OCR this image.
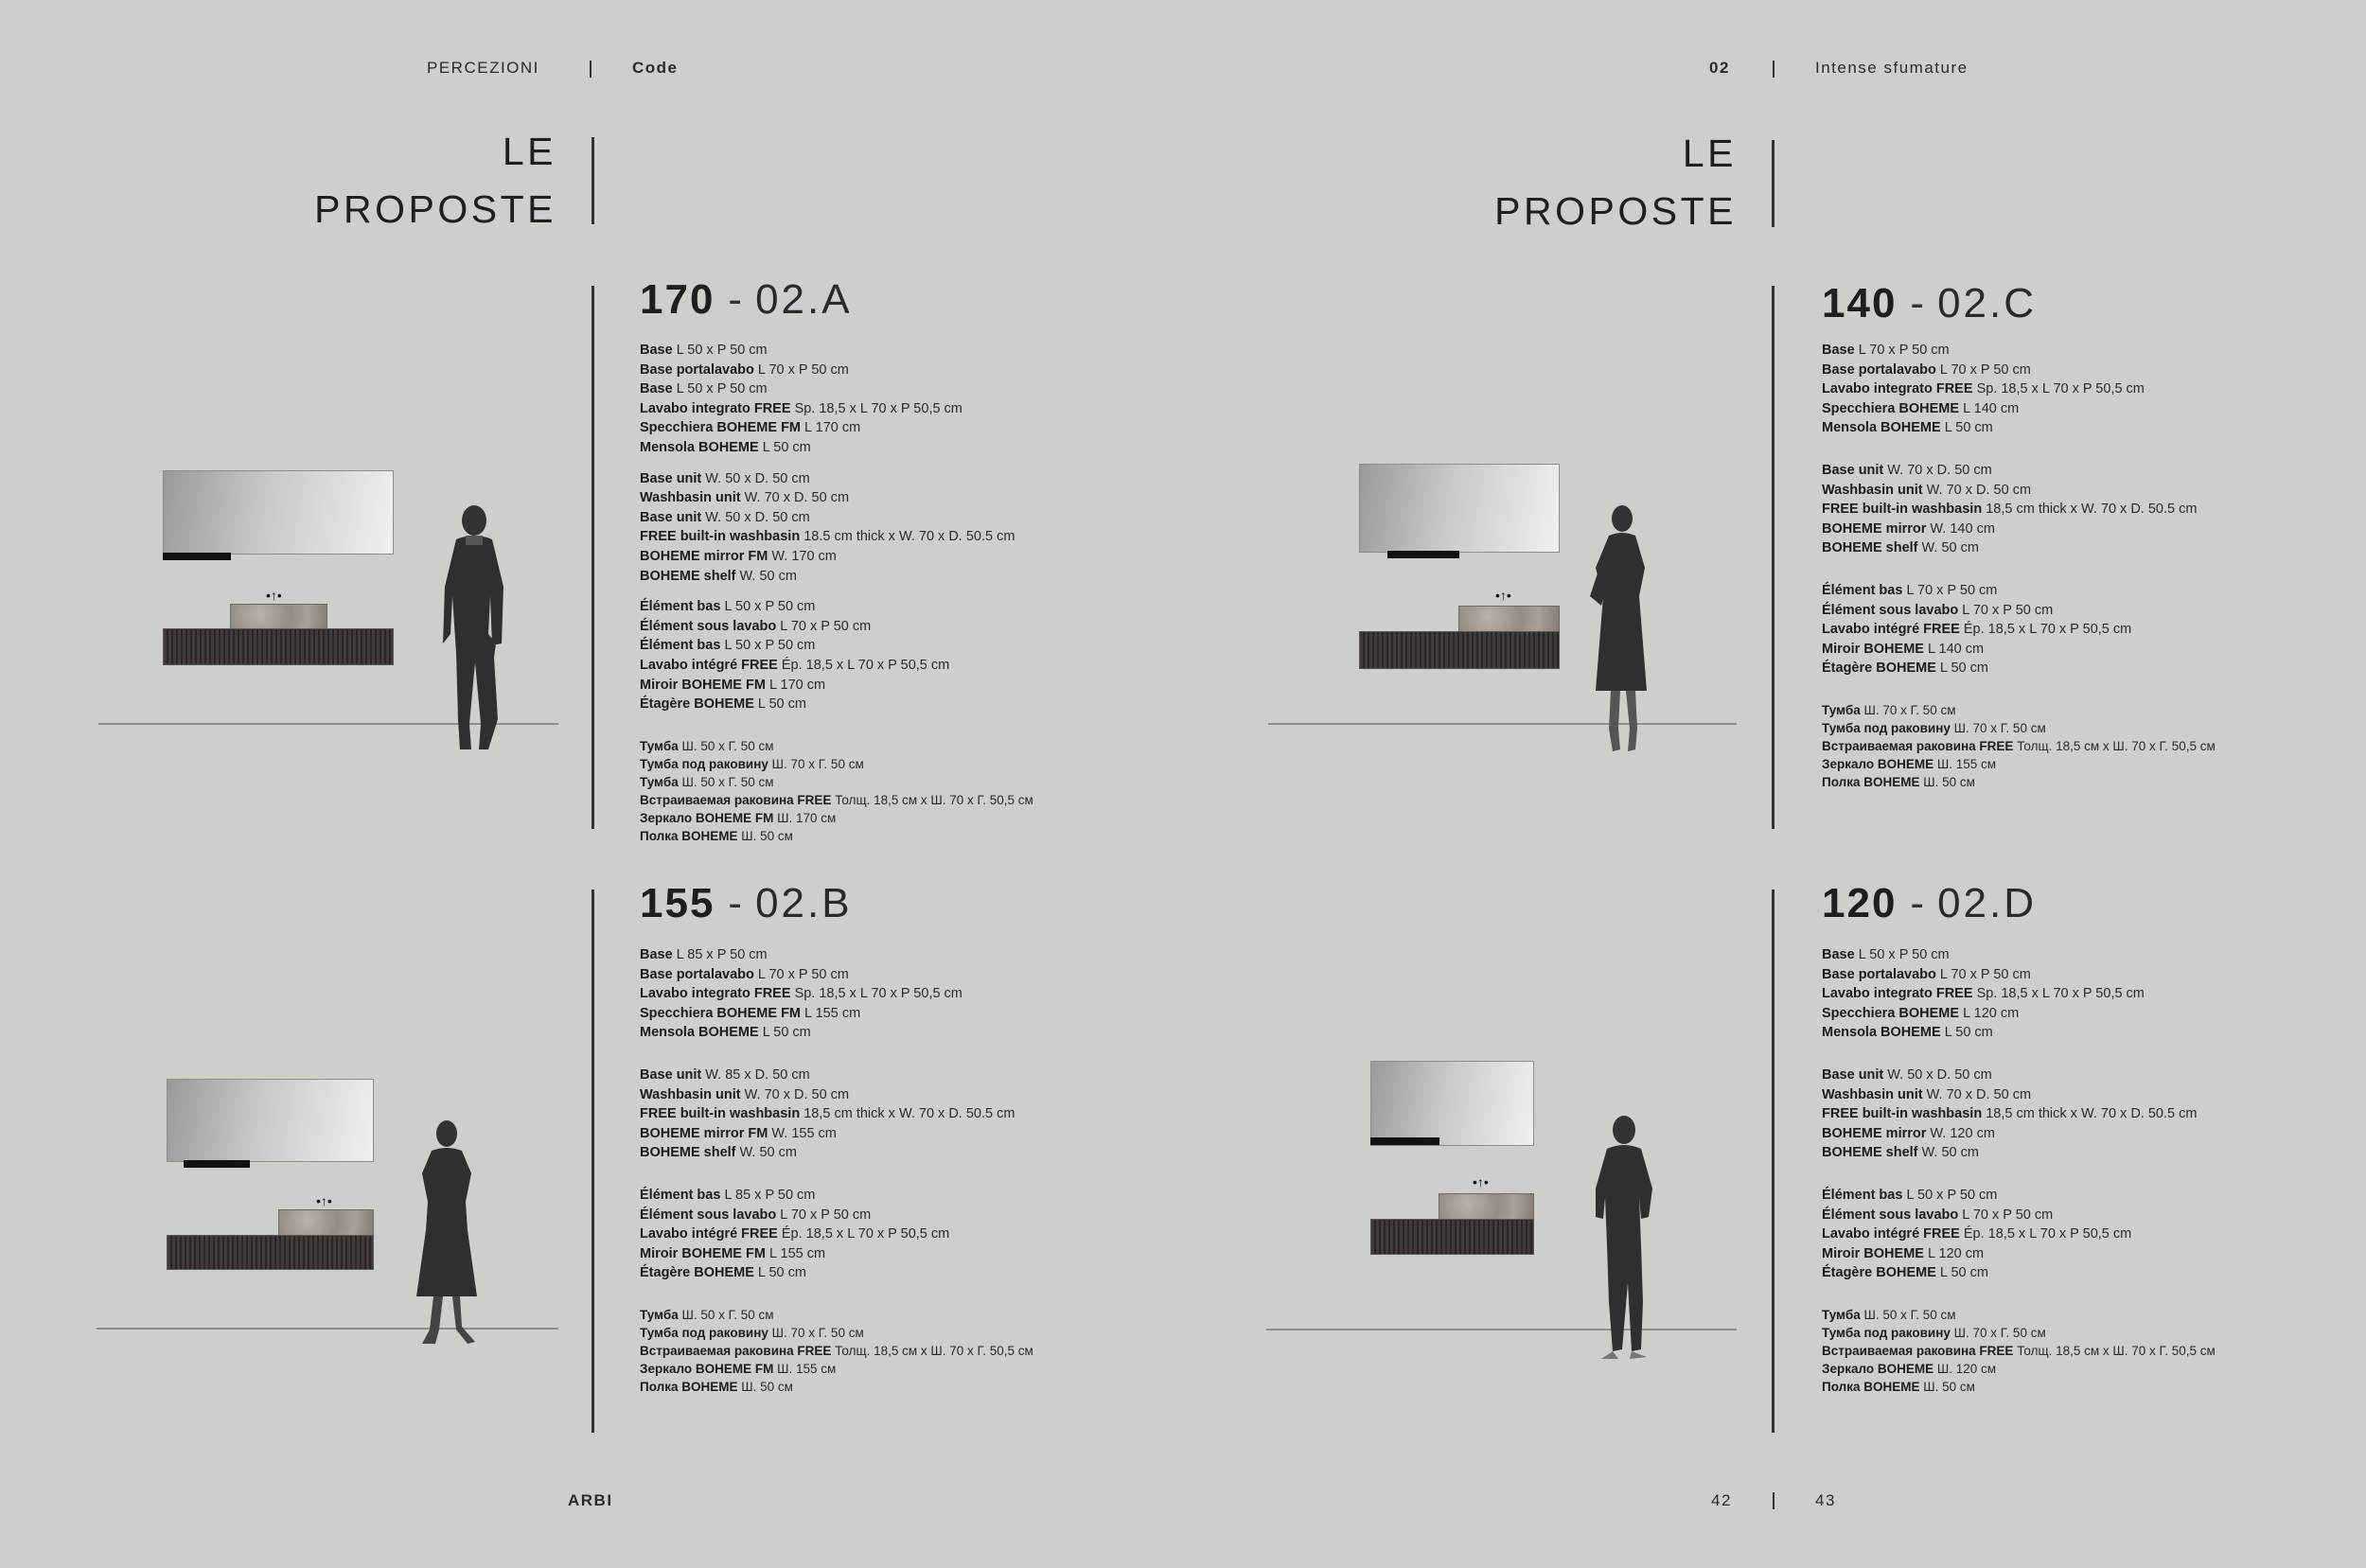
PERCEZIONI	Code	02	Intense sfumature
LE
PROPOSTE
LE
PROPOSTE
•↑•
170 - 02.A
Base L 50 x P 50 cm
Base portalavabo L 70 x P 50 cm
Base L 50 x P 50 cm
Lavabo integrato FREE Sp. 18,5 x L 70 x P 50,5 cm
Specchiera BOHEME FM L 170 cm
Mensola BOHEME L 50 cm
Base unit W. 50 x D. 50 cm
Washbasin unit W. 70 x D. 50 cm
Base unit W. 50 x D. 50 cm
FREE built-in washbasin 18.5 cm thick x W. 70 x D. 50.5 cm
BOHEME mirror FM W. 170 cm
BOHEME shelf W. 50 cm
Élément bas L 50 x P 50 cm
Élément sous lavabo L 70 x P 50 cm
Élément bas L 50 x P 50 cm
Lavabo intégré FREE Ép. 18,5 x L 70 x P 50,5 cm
Miroir BOHEME FM L 170 cm
Étagère BOHEME L 50 cm
Тумба Ш. 50 x Г. 50 см
Тумба под раковину Ш. 70 x Г. 50 см
Тумба Ш. 50 x Г. 50 см
Встраиваемая раковина FREE Толщ. 18,5 см x Ш. 70 x Г. 50,5 см
Зеркало BOHEME FM Ш. 170 см
Полка BOHEME Ш. 50 см
•↑•
155 - 02.B
Base L 85 x P 50 cm
Base portalavabo L 70 x P 50 cm
Lavabo integrato FREE Sp. 18,5 x L 70 x P 50,5 cm
Specchiera BOHEME FM L 155 cm
Mensola BOHEME L 50 cm
Base unit W. 85 x D. 50 cm
Washbasin unit W. 70 x D. 50 cm
FREE built-in washbasin 18,5 cm thick x W. 70 x D. 50.5 cm
BOHEME mirror FM W. 155 cm
BOHEME shelf W. 50 cm
Élément bas L 85 x P 50 cm
Élément sous lavabo L 70 x P 50 cm
Lavabo intégré FREE Ép. 18,5 x L 70 x P 50,5 cm
Miroir BOHEME FM L 155 cm
Étagère BOHEME L 50 cm
Тумба Ш. 50 x Г. 50 см
Тумба под раковину Ш. 70 x Г. 50 см
Встраиваемая раковина FREE Толщ. 18,5 см x Ш. 70 x Г. 50,5 см
Зеркало BOHEME FM Ш. 155 см
Полка BOHEME Ш. 50 см
•↑•
140 - 02.C
Base L 70 x P 50 cm
Base portalavabo L 70 x P 50 cm
Lavabo integrato FREE Sp. 18,5 x L 70 x P 50,5 cm
Specchiera BOHEME L 140 cm
Mensola BOHEME L 50 cm
Base unit W. 70 x D. 50 cm
Washbasin unit W. 70 x D. 50 cm
FREE built-in washbasin 18,5 cm thick x W. 70 x D. 50.5 cm
BOHEME mirror W. 140 cm
BOHEME shelf W. 50 cm
Élément bas L 70 x P 50 cm
Élément sous lavabo L 70 x P 50 cm
Lavabo intégré FREE Ép. 18,5 x L 70 x P 50,5 cm
Miroir BOHEME L 140 cm
Étagère BOHEME L 50 cm
Тумба Ш. 70 x Г. 50 см
Тумба под раковину Ш. 70 x Г. 50 см
Встраиваемая раковина FREE Толщ. 18,5 см x Ш. 70 x Г. 50,5 см
Зеркало BOHEME Ш. 155 см
Полка BOHEME Ш. 50 см
•↑•
120 - 02.D
Base L 50 x P 50 cm
Base portalavabo L 70 x P 50 cm
Lavabo integrato FREE Sp. 18,5 x L 70 x P 50,5 cm
Specchiera BOHEME L 120 cm
Mensola BOHEME L 50 cm
Base unit W. 50 x D. 50 cm
Washbasin unit W. 70 x D. 50 cm
FREE built-in washbasin 18,5 cm thick x W. 70 x D. 50.5 cm
BOHEME mirror W. 120 cm
BOHEME shelf W. 50 cm
Élément bas L 50 x P 50 cm
Élément sous lavabo L 70 x P 50 cm
Lavabo intégré FREE Ép. 18,5 x L 70 x P 50,5 cm
Miroir BOHEME L 120 cm
Étagère BOHEME L 50 cm
Тумба Ш. 50 x Г. 50 см
Тумба под раковину Ш. 70 x Г. 50 см
Встраиваемая раковина FREE Толщ. 18,5 см x Ш. 70 x Г. 50,5 см
Зеркало BOHEME Ш. 120 см
Полка BOHEME Ш. 50 см
ARBI	42	43
